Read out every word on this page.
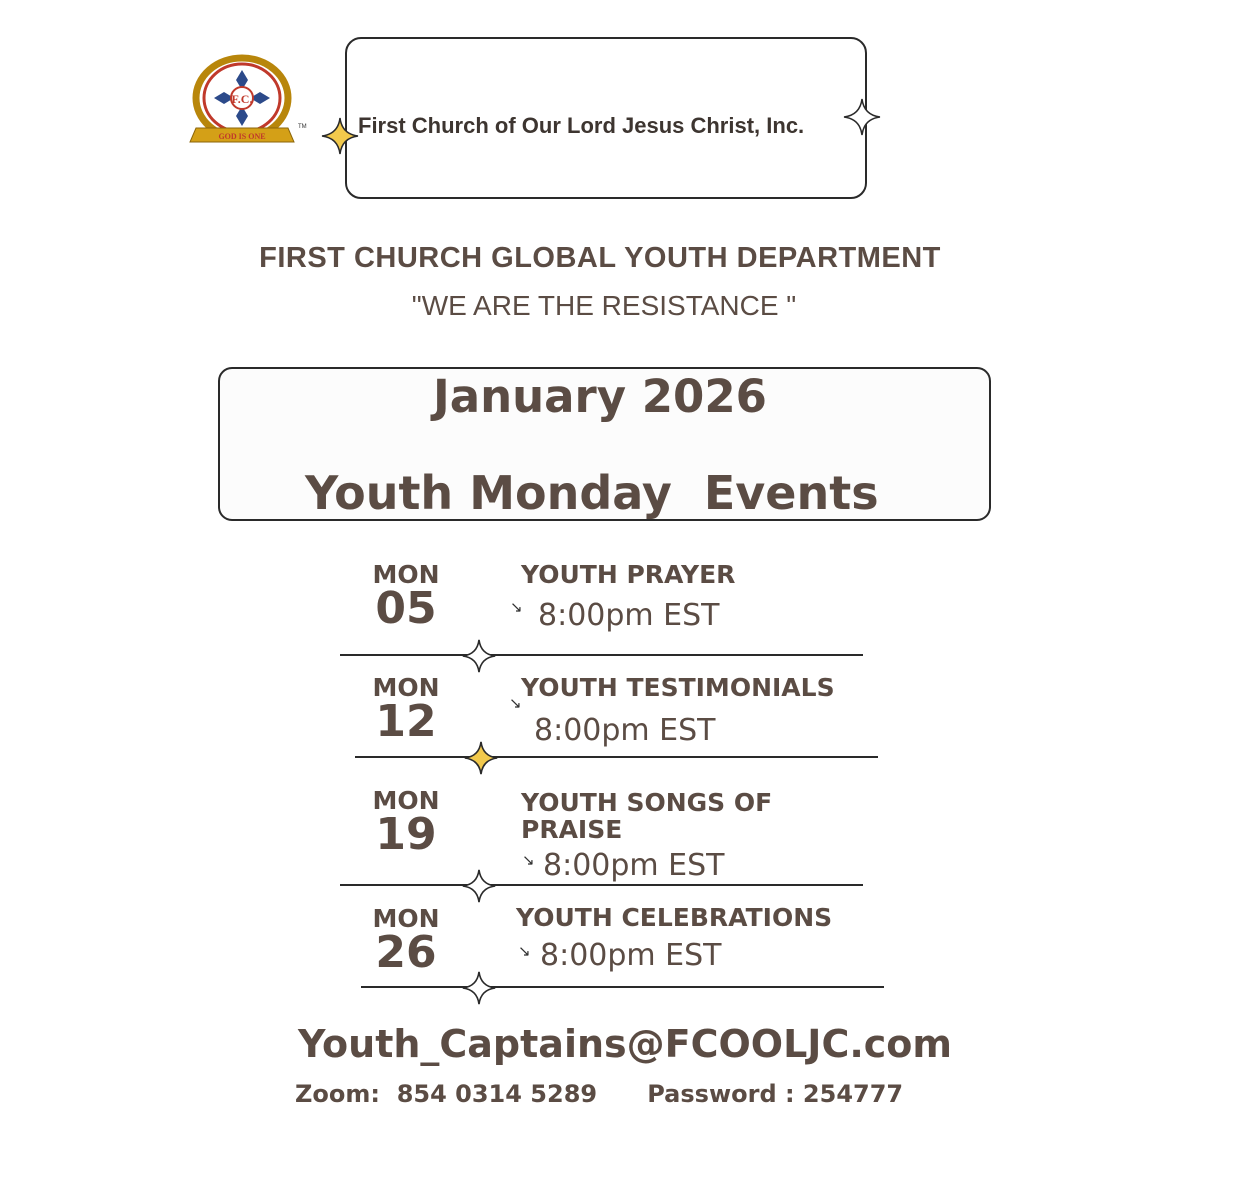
F.C.
GOD IS ONE
TM First Church of Our Lord Jesus Christ, Inc.
FIRST CHURCH GLOBAL YOUTH DEPARTMENT
"WE ARE THE RESISTANCE "
January 2026
Youth Monday  Events
MON
05
YOUTH PRAYER
↘ 8:00pm EST
MON
12
YOUTH TESTIMONIALS
↘
8:00pm EST
MON
19
YOUTH SONGS OF PRAISE
↘ 8:00pm EST
MON
26
YOUTH CELEBRATIONS
↘ 8:00pm EST
Youth_Captains@FCOOLJC.com
Zoom:  854 0314 5289      Password : 254777
